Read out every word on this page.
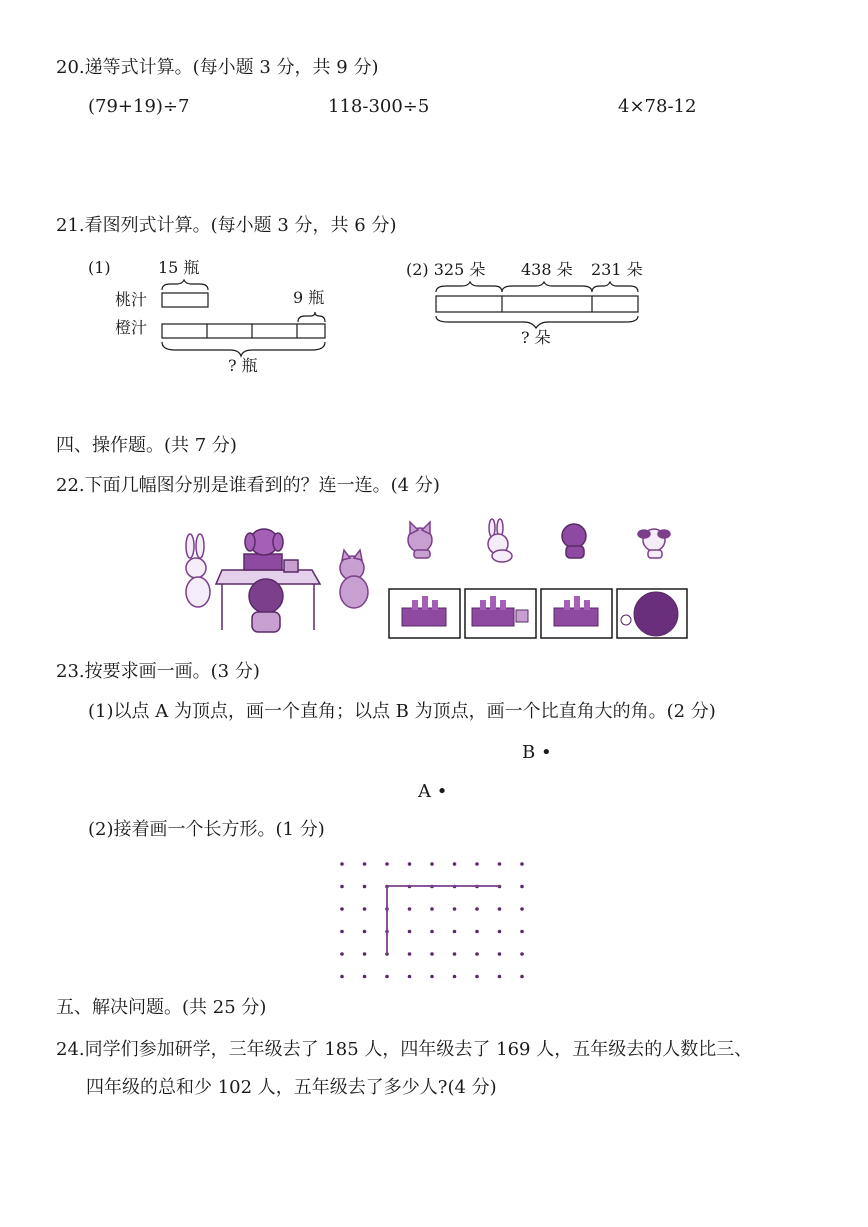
20.递等式计算。(每小题 3 分，共 9 分)
(79+19)÷7	118-300÷5	4×78-12
21.看图列式计算。(每小题 3 分，共 6 分)
(1)	15 瓶
桃汁	9 瓶
橙汁
? 瓶
(2) 325 朵 438 朵 231 朵
? 朵
四、操作题。(共 7 分)
22.下面几幅图分别是谁看到的？连一连。(4 分)
23.按要求画一画。(3 分)
(1)以点 A 为顶点，画一个直角；以点 B 为顶点，画一个比直角大的角。(2 分)
B •
A •
(2)接着画一个长方形。(1 分)
五、解决问题。(共 25 分)
24.同学们参加研学，三年级去了 185 人，四年级去了 169 人，五年级去的人数比三、
四年级的总和少 102 人，五年级去了多少人?(4 分)
